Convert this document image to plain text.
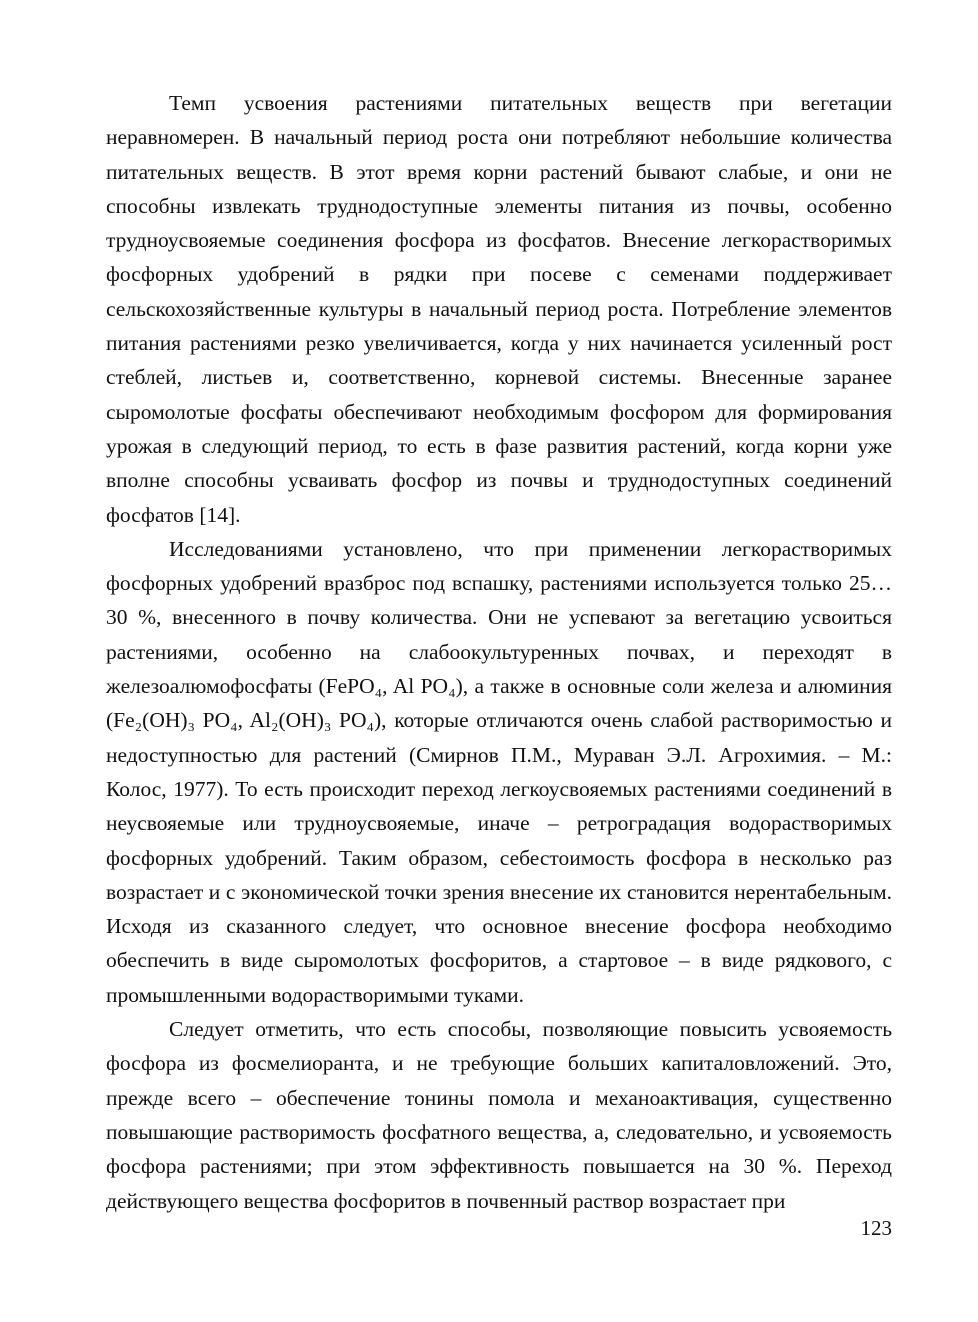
Темп усвоения растениями питательных веществ при вегетации неравномерен. В начальный период роста они потребляют небольшие количества питательных веществ. В этот время корни растений бывают слабые, и они не способны извлекать труднодоступные элементы питания из почвы, особенно трудноусвояемые соединения фосфора из фосфатов. Внесение легкорастворимых фосфорных удобрений в рядки при посеве с семенами поддерживает сельскохозяйственные культуры в начальный период роста. Потребление элементов питания растениями резко увеличивается, когда у них начинается усиленный рост стеблей, листьев и, соответственно, корневой системы. Внесенные заранее сыромолотые фосфаты обеспечивают необходимым фосфором для формирования урожая в следующий период, то есть в фазе развития растений, когда корни уже вполне способны усваивать фосфор из почвы и труднодоступных соединений фосфатов [14].

Исследованиями установлено, что при применении легкорастворимых фосфорных удобрений вразброс под вспашку, растениями используется только 25…30 %, внесенного в почву количества. Они не успевают за вегетацию усвоиться растениями, особенно на слабоокультуренных почвах, и переходят в железоалюмофосфаты (FePO₄, Al PO₄), а также в основные соли железа и алюминия (Fe₂(OH)₃ PO₄, Al₂(OH)₃ PO₄), которые отличаются очень слабой растворимостью и недоступностью для растений (Смирнов П.М., Мураван Э.Л. Агрохимия. – М.: Колос, 1977). То есть происходит переход легкоусвояемых растениями соединений в неусвояемые или трудноусвояемые, иначе – ретроградация водорастворимых фосфорных удобрений. Таким образом, себестоимость фосфора в несколько раз возрастает и с экономической точки зрения внесение их становится нерентабельным. Исходя из сказанного следует, что основное внесение фосфора необходимо обеспечить в виде сыромолотых фосфоритов, а стартовое – в виде рядкового, с промышленными водорастворимыми туками.

Следует отметить, что есть способы, позволяющие повысить усвояемость фосфора из фосмелиоранта, и не требующие больших капиталовложений. Это, прежде всего – обеспечение тонины помола и механоактивация, существенно повышающие растворимость фосфатного вещества, а, следовательно, и усвояемость фосфора растениями; при этом эффективность повышается на 30 %. Переход действующего вещества фосфоритов в почвенный раствор возрастает при

123
